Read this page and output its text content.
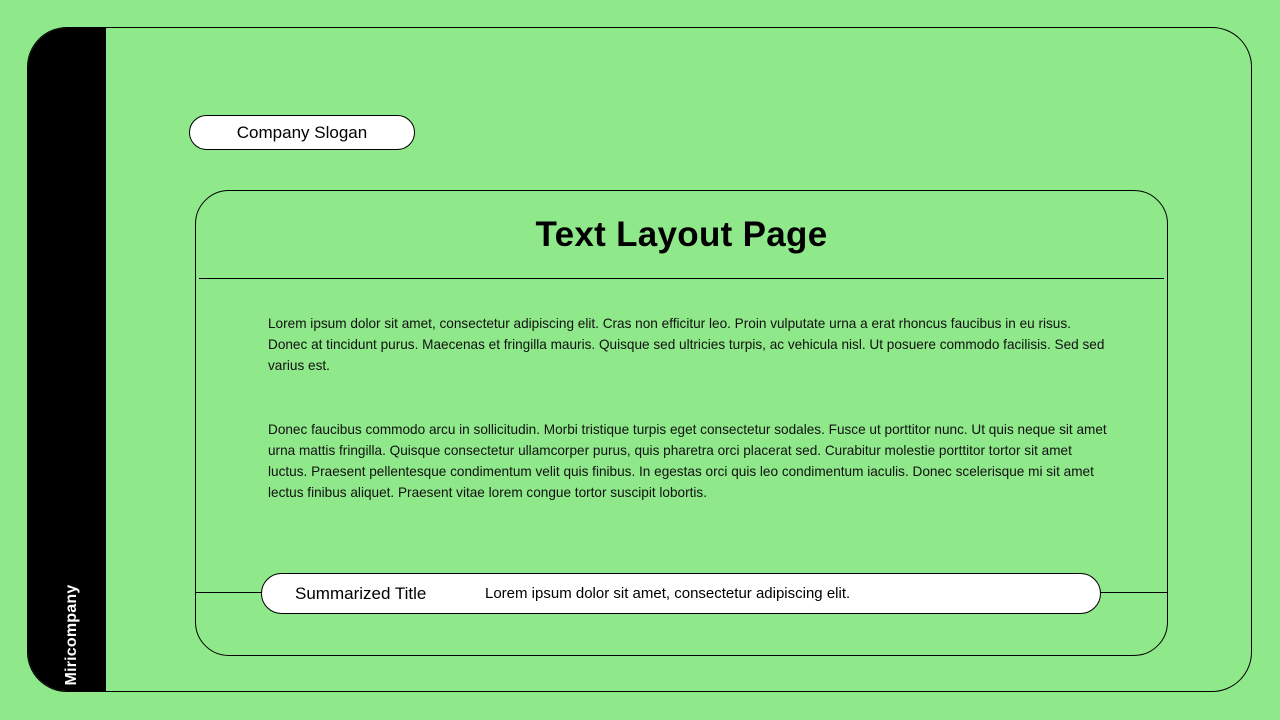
Miricompany
Company Slogan
Text Layout Page

Lorem ipsum dolor sit amet, consectetur adipiscing elit. Cras non efficitur leo. Proin vulputate urna a erat rhoncus faucibus in eu risus. Donec at tincidunt purus. Maecenas et fringilla mauris. Quisque sed ultricies turpis, ac vehicula nisl. Ut posuere commodo facilisis. Sed sed varius est.

Donec faucibus commodo arcu in sollicitudin. Morbi tristique turpis eget consectetur sodales. Fusce ut porttitor nunc. Ut quis neque sit amet urna mattis fringilla. Quisque consectetur ullamcorper purus, quis pharetra orci placerat sed. Curabitur molestie porttitor tortor sit amet luctus. Praesent pellentesque condimentum velit quis finibus. In egestas orci quis leo condimentum iaculis. Donec scelerisque mi sit amet lectus finibus aliquet. Praesent vitae lorem congue tortor suscipit lobortis.

Summarized Title	Lorem ipsum dolor sit amet, consectetur adipiscing elit.
